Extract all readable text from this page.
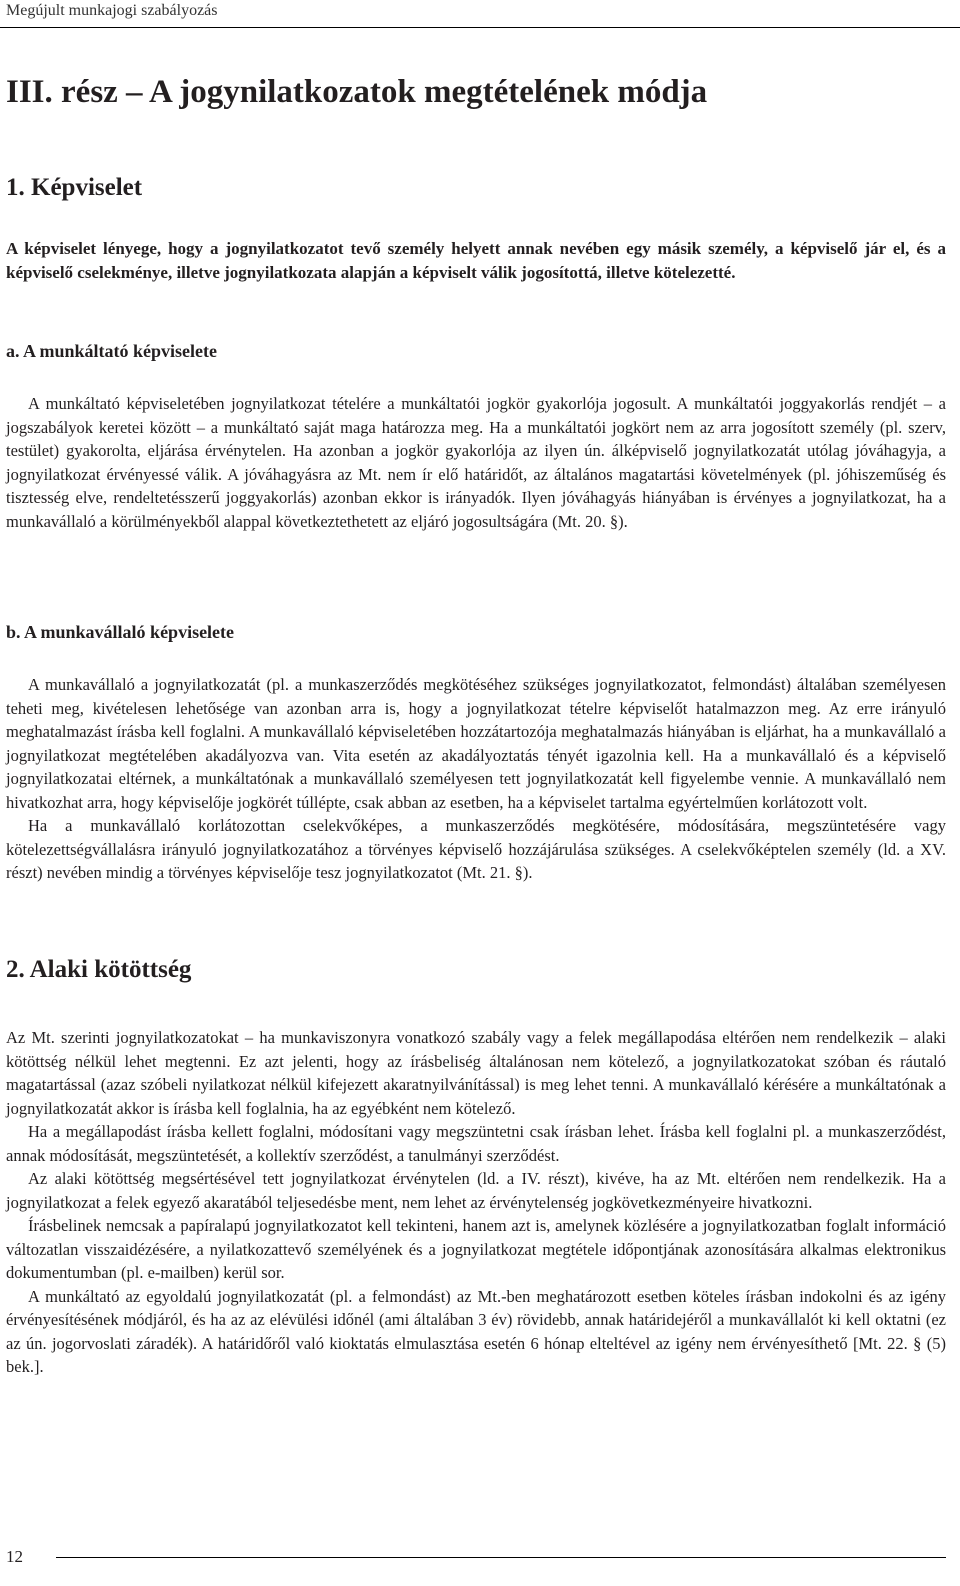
Megújult munkajogi szabályozás
III. rész – A jogynilatkozatok megtételének módja
1. Képviselet

A képviselet lényege, hogy a jognyilatkozatot tevő személy helyett annak nevében egy másik személy, a képviselő jár el, és a képviselő cselekménye, illetve jognyilatkozata alapján a képviselt válik jogosítottá, illetve kötelezetté.

a. A munkáltató képviselete

A munkáltató képviseletében jognyilatkozat tételére a munkáltatói jogkör gyakorlója jogosult. A munkáltatói joggyakorlás rendjét – a jogszabályok keretei között – a munkáltató saját maga határozza meg. Ha a munkáltatói jogkört nem az arra jogosított személy (pl. szerv, testület) gyakorolta, eljárása érvénytelen. Ha azonban a jogkör gyakorlója az ilyen ún. álképviselő jognyilatkozatát utólag jóváhagyja, a jognyilatkozat érvényessé válik. A jóváhagyásra az Mt. nem ír elő határidőt, az általános magatartási követelmények (pl. jóhiszeműség és tisztesség elve, rendeltetésszerű joggyakorlás) azonban ekkor is irányadók. Ilyen jóváhagyás hiányában is érvényes a jognyilatkozat, ha a munkavállaló a körülményekből alappal következtethetett az eljáró jogosultságára (Mt. 20. §).

b. A munkavállaló képviselete

A munkavállaló a jognyilatkozatát (pl. a munkaszerződés megkötéséhez szükséges jognyilatkozatot, felmondást) általában személyesen teheti meg, kivételesen lehetősége van azonban arra is, hogy a jognyilatkozat tételre képviselőt hatalmazzon meg. Az erre irányuló meghatalmazást írásba kell foglalni. A munkavállaló képviseletében hozzátartozója meghatalmazás hiányában is eljárhat, ha a munkavállaló a jognyilatkozat megtételében akadályozva van. Vita esetén az akadályoztatás tényét igazolnia kell. Ha a munkavállaló és a képviselő jognyilatkozatai eltérnek, a munkáltatónak a munkavállaló személyesen tett jognyilatkozatát kell figyelembe vennie. A munkavállaló nem hivatkozhat arra, hogy képviselője jogkörét túllépte, csak abban az esetben, ha a képviselet tartalma egyértelműen korlátozott volt.

Ha a munkavállaló korlátozottan cselekvőképes, a munkaszerződés megkötésére, módosítására, megszüntetésére vagy kötelezettségvállalásra irányuló jognyilatkozatához a törvényes képviselő hozzájárulása szükséges. A cselekvőképtelen személy (ld. a XV. részt) nevében mindig a törvényes képviselője tesz jognyilatkozatot (Mt. 21. §).

2. Alaki kötöttség

Az Mt. szerinti jognyilatkozatokat – ha munkaviszonyra vonatkozó szabály vagy a felek megállapodása eltérően nem rendelkezik – alaki kötöttség nélkül lehet megtenni. Ez azt jelenti, hogy az írásbeliség általánosan nem kötelező, a jognyilatkozatokat szóban és ráutaló magatartással (azaz szóbeli nyilatkozat nélkül kifejezett akaratnyilvánítással) is meg lehet tenni. A munkavállaló kérésére a munkáltatónak a jognyilatkozatát akkor is írásba kell foglalnia, ha az egyébként nem kötelező.

Ha a megállapodást írásba kellett foglalni, módosítani vagy megszüntetni csak írásban lehet. Írásba kell foglalni pl. a munkaszerződést, annak módosítását, megszüntetését, a kollektív szerződést, a tanulmányi szerződést.

Az alaki kötöttség megsértésével tett jognyilatkozat érvénytelen (ld. a IV. részt), kivéve, ha az Mt. eltérően nem rendelkezik. Ha a jognyilatkozat a felek egyező akaratából teljesedésbe ment, nem lehet az érvénytelenség jogkövetkezményeire hivatkozni.

Írásbelinek nemcsak a papíralapú jognyilatkozatot kell tekinteni, hanem azt is, amelynek közlésére a jognyilatkozatban foglalt információ változatlan visszaidézésére, a nyilatkozattevő személyének és a jognyilatkozat megtétele időpontjának azonosítására alkalmas elektronikus dokumentumban (pl. e-mailben) kerül sor.

A munkáltató az egyoldalú jognyilatkozatát (pl. a felmondást) az Mt.-ben meghatározott esetben köteles írásban indokolni és az igény érvényesítésének módjáról, és ha az az elévülési időnél (ami általában 3 év) rövidebb, annak határidejéről a munkavállalót ki kell oktatni (ez az ún. jogorvoslati záradék). A határidőről való kioktatás elmulasztása esetén 6 hónap elteltével az igény nem érvényesíthető [Mt. 22. § (5) bek.].

12
